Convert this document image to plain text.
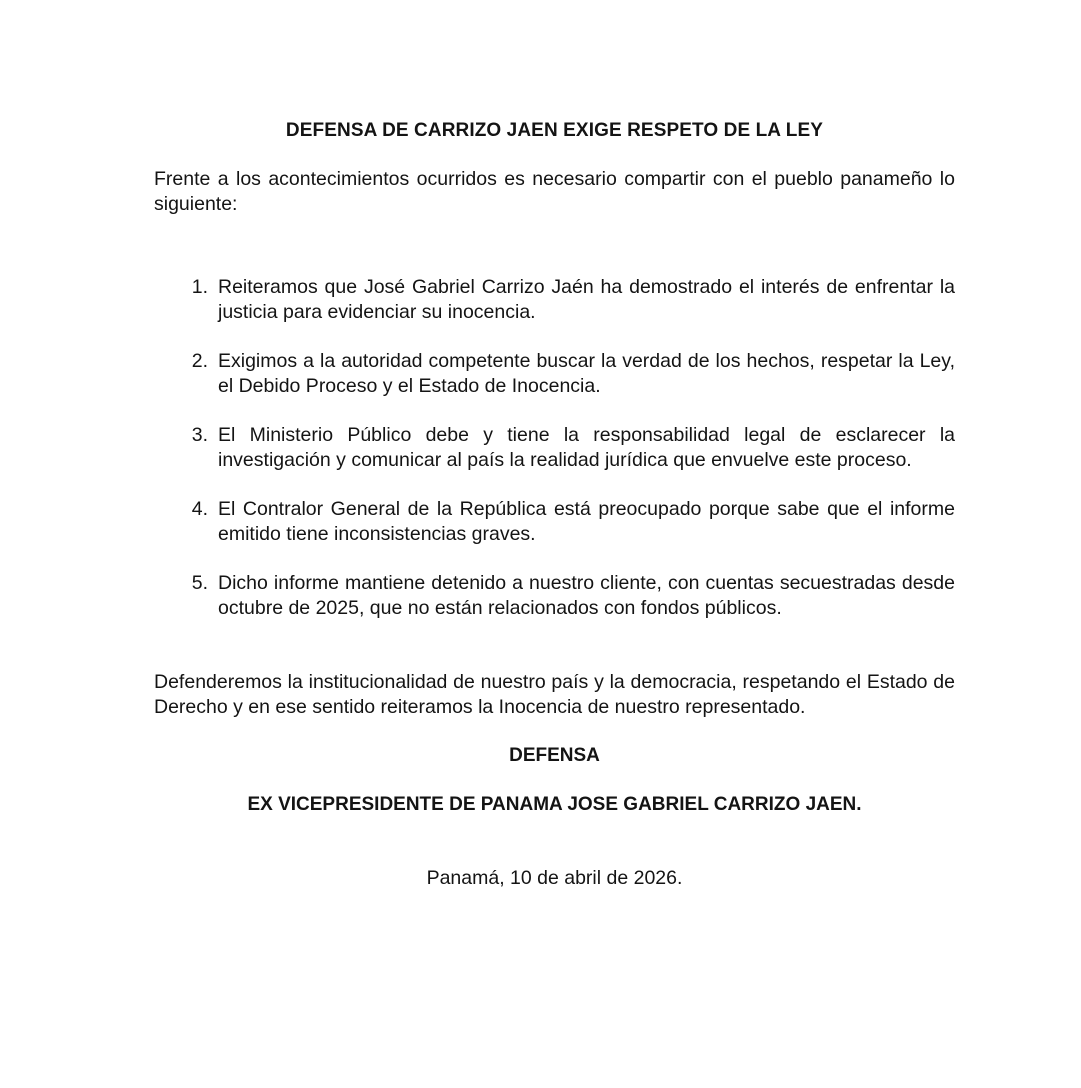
DEFENSA DE CARRIZO JAEN EXIGE RESPETO DE LA LEY

Frente a los acontecimientos ocurridos es necesario compartir con el pueblo panameño lo siguiente:

1. Reiteramos que José Gabriel Carrizo Jaén ha demostrado el interés de enfrentar la justicia para evidenciar su inocencia.
2. Exigimos a la autoridad competente buscar la verdad de los hechos, respetar la Ley, el Debido Proceso y el Estado de Inocencia.
3. El Ministerio Público debe y tiene la responsabilidad legal de esclarecer la investigación y comunicar al país la realidad jurídica que envuelve este proceso.
4. El Contralor General de la República está preocupado porque sabe que el informe emitido tiene inconsistencias graves.
5. Dicho informe mantiene detenido a nuestro cliente, con cuentas secuestradas desde octubre de 2025, que no están relacionados con fondos públicos.

Defenderemos la institucionalidad de nuestro país y la democracia, respetando el Estado de Derecho y en ese sentido reiteramos la Inocencia de nuestro representado.

DEFENSA

EX VICEPRESIDENTE DE PANAMA JOSE GABRIEL CARRIZO JAEN.

Panamá, 10 de abril de 2026.
